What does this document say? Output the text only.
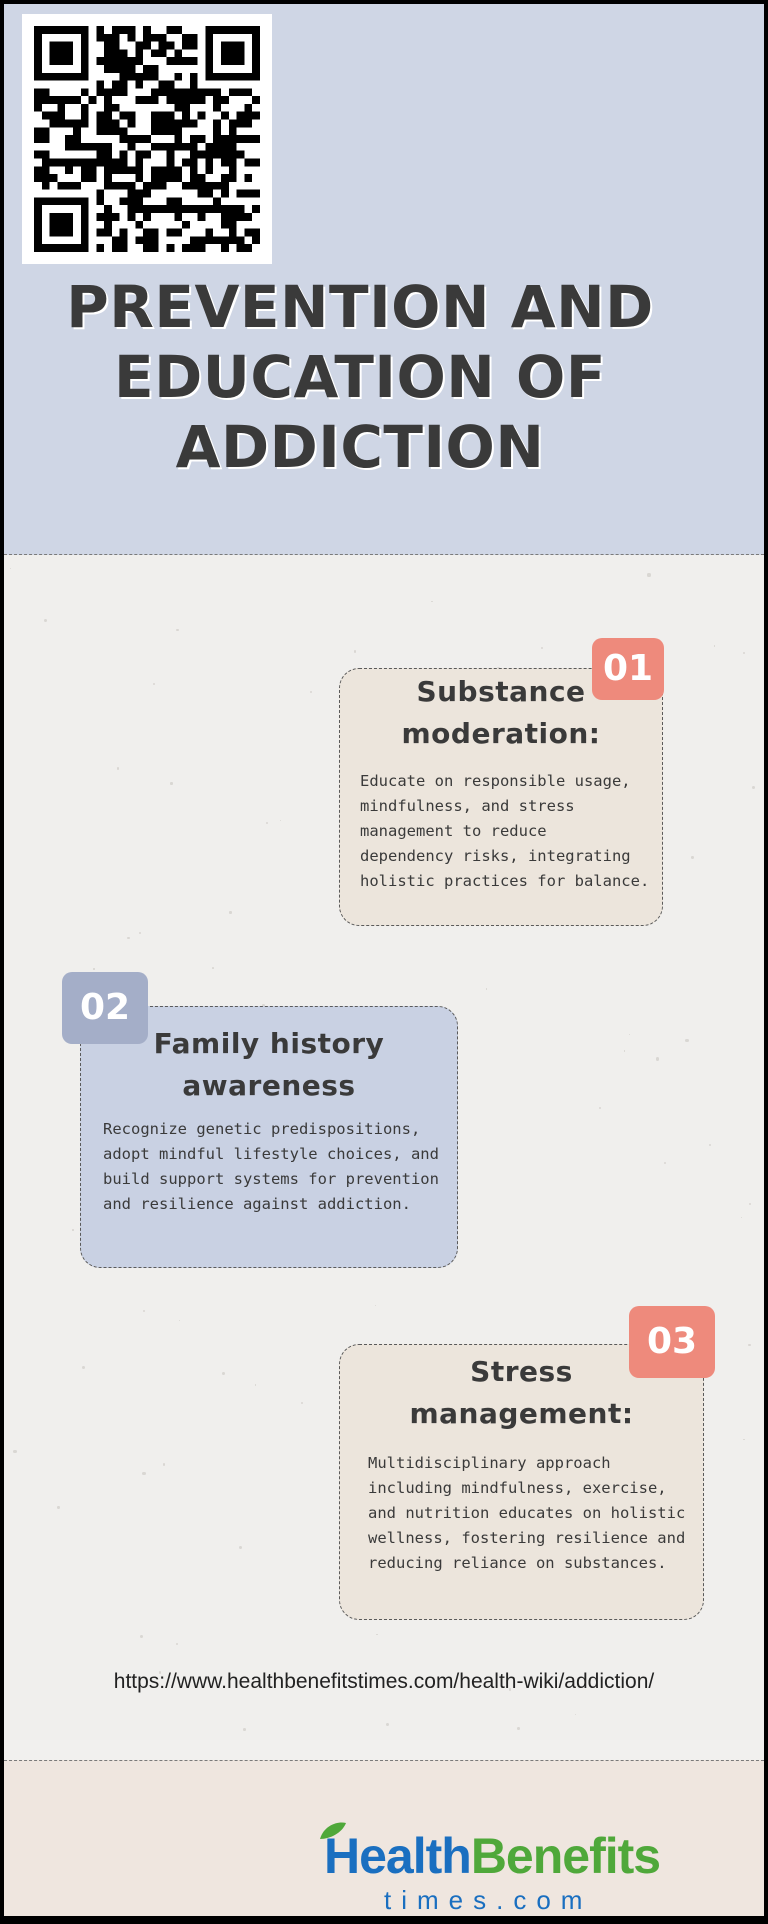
PREVENTION AND
EDUCATION OF
ADDICTION
Substance
moderation:

Educate on responsible usage,
mindfulness, and stress
management to reduce
dependency risks, integrating
holistic practices for balance.

01
Family history
awareness

Recognize genetic predispositions,
adopt mindful lifestyle choices, and
build support systems for prevention
and resilience against addiction.

02
Stress
management:

Multidisciplinary approach
including mindfulness, exercise,
and nutrition educates on holistic
wellness, fostering resilience and
reducing reliance on substances.

03
https://www.healthbenefitstimes.com/health-wiki/addiction/
HealthBenefits
times.com
